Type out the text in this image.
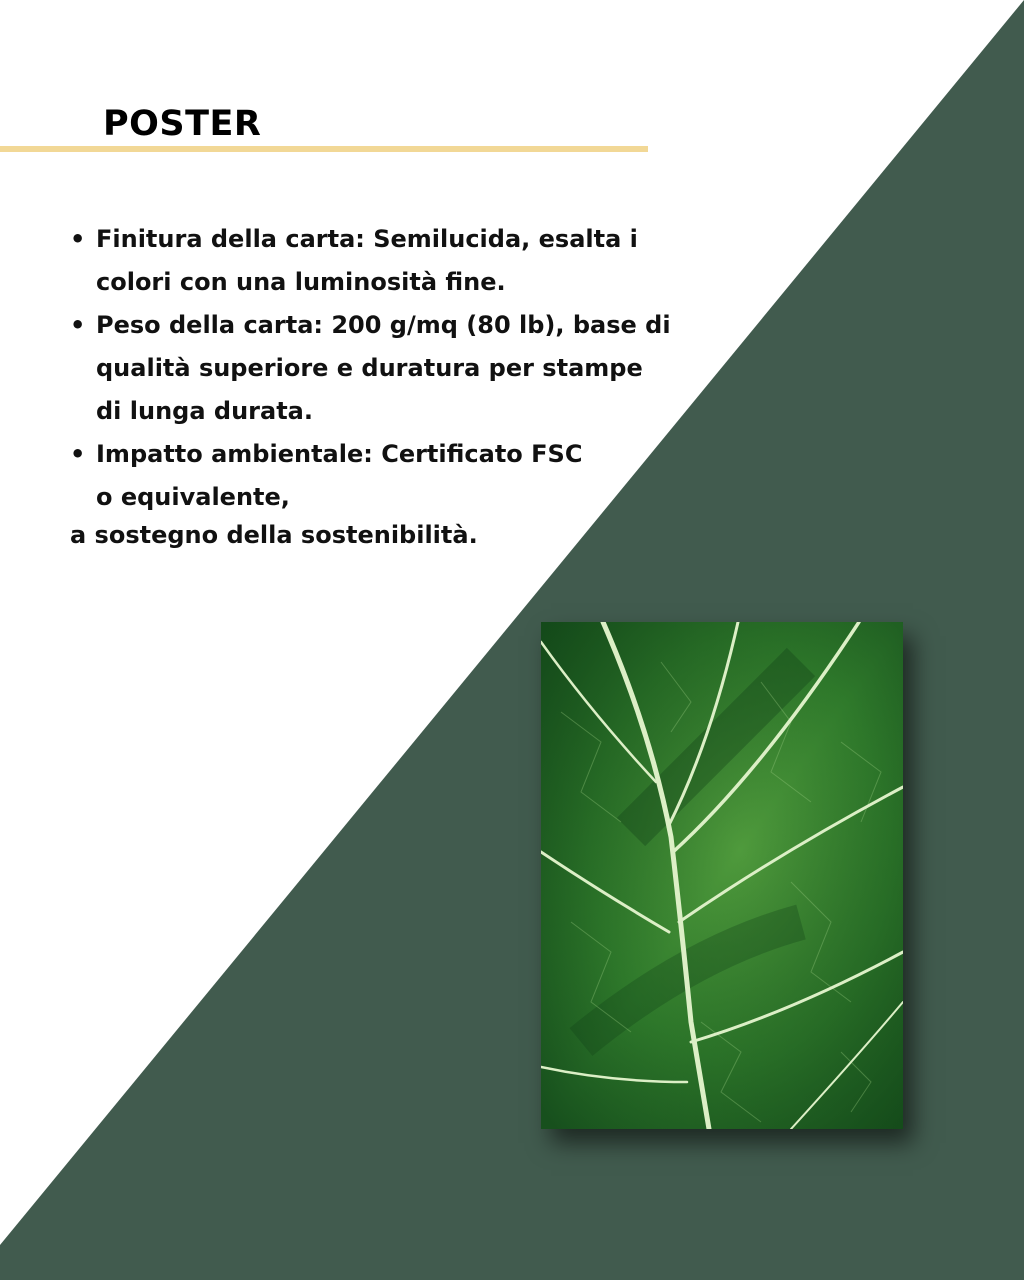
POSTER
• Finitura della carta: Semilucida, esalta i
colori con una luminosità fine.
• Peso della carta: 200 g/mq (80 lb), base di
qualità superiore e duratura per stampe
di lunga durata.
• Impatto ambientale: Certificato FSC
o equivalente,

a sostegno della sostenibilità.
